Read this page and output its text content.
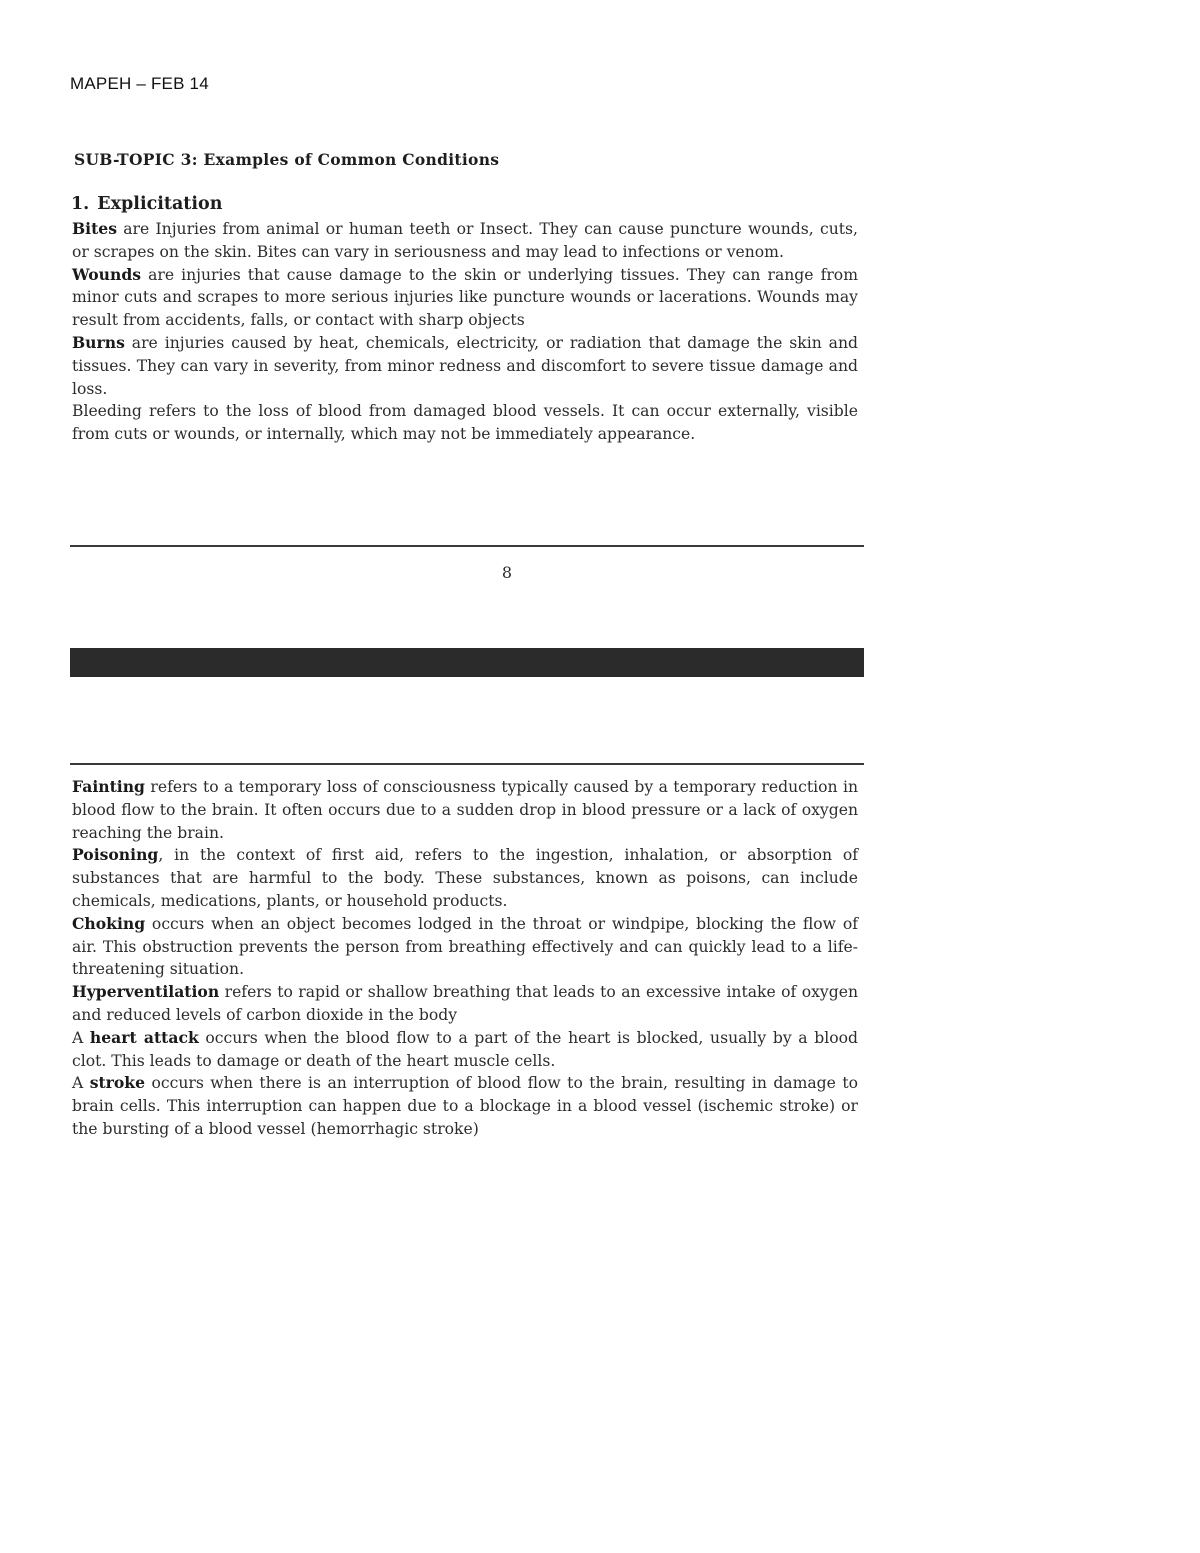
MAPEH – FEB 14
SUB-TOPIC 3: Examples of Common Conditions
1. Explicitation

Bites are Injuries from animal or human teeth or Insect. They can cause puncture wounds, cuts, or scrapes on the skin. Bites can vary in seriousness and may lead to infections or venom.

Wounds are injuries that cause damage to the skin or underlying tissues. They can range from minor cuts and scrapes to more serious injuries like puncture wounds or lacerations. Wounds may result from accidents, falls, or contact with sharp objects

Burns are injuries caused by heat, chemicals, electricity, or radiation that damage the skin and tissues. They can vary in severity, from minor redness and discomfort to severe tissue damage and loss.

Bleeding refers to the loss of blood from damaged blood vessels. It can occur externally, visible from cuts or wounds, or internally, which may not be immediately appearance.

8

Fainting refers to a temporary loss of consciousness typically caused by a temporary reduction in blood flow to the brain. It often occurs due to a sudden drop in blood pressure or a lack of oxygen reaching the brain.

Poisoning, in the context of first aid, refers to the ingestion, inhalation, or absorption of substances that are harmful to the body. These substances, known as poisons, can include chemicals, medications, plants, or household products.

Choking occurs when an object becomes lodged in the throat or windpipe, blocking the flow of air. This obstruction prevents the person from breathing effectively and can quickly lead to a life-threatening situation.

Hyperventilation refers to rapid or shallow breathing that leads to an excessive intake of oxygen and reduced levels of carbon dioxide in the body

A heart attack occurs when the blood flow to a part of the heart is blocked, usually by a blood clot. This leads to damage or death of the heart muscle cells.

A stroke occurs when there is an interruption of blood flow to the brain, resulting in damage to brain cells. This interruption can happen due to a blockage in a blood vessel (ischemic stroke) or the bursting of a blood vessel (hemorrhagic stroke)
